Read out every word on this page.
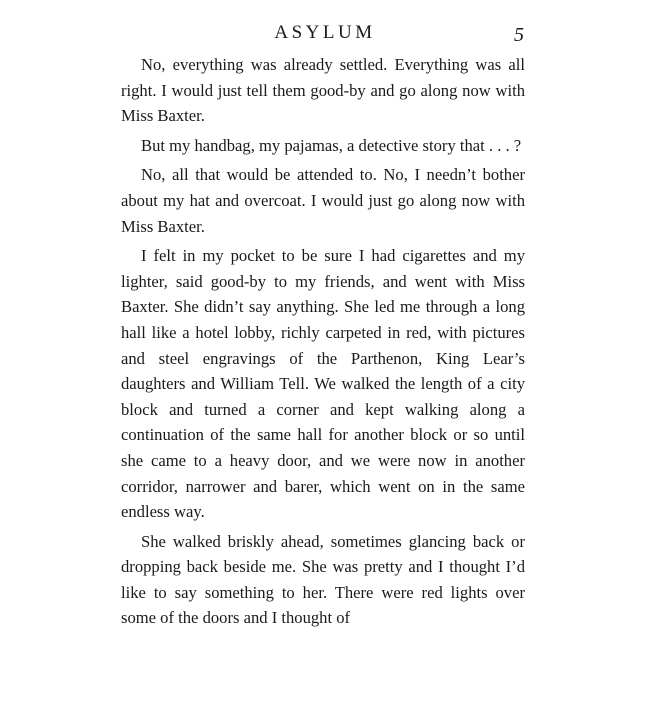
ASYLUM	5

No, everything was already settled. Everything was all right. I would just tell them good-by and go along now with Miss Baxter.

But my handbag, my pajamas, a detective story that . . . ?

No, all that would be attended to. No, I needn’t bother about my hat and overcoat. I would just go along now with Miss Baxter.

I felt in my pocket to be sure I had cigarettes and my lighter, said good-by to my friends, and went with Miss Baxter. She didn’t say anything. She led me through a long hall like a hotel lobby, richly carpeted in red, with pictures and steel engravings of the Parthenon, King Lear’s daughters and William Tell. We walked the length of a city block and turned a corner and kept walking along a continuation of the same hall for another block or so until she came to a heavy door, and we were now in another corridor, narrower and barer, which went on in the same endless way.

She walked briskly ahead, sometimes glancing back or dropping back beside me. She was pretty and I thought I’d like to say something to her. There were red lights over some of the doors and I thought of
